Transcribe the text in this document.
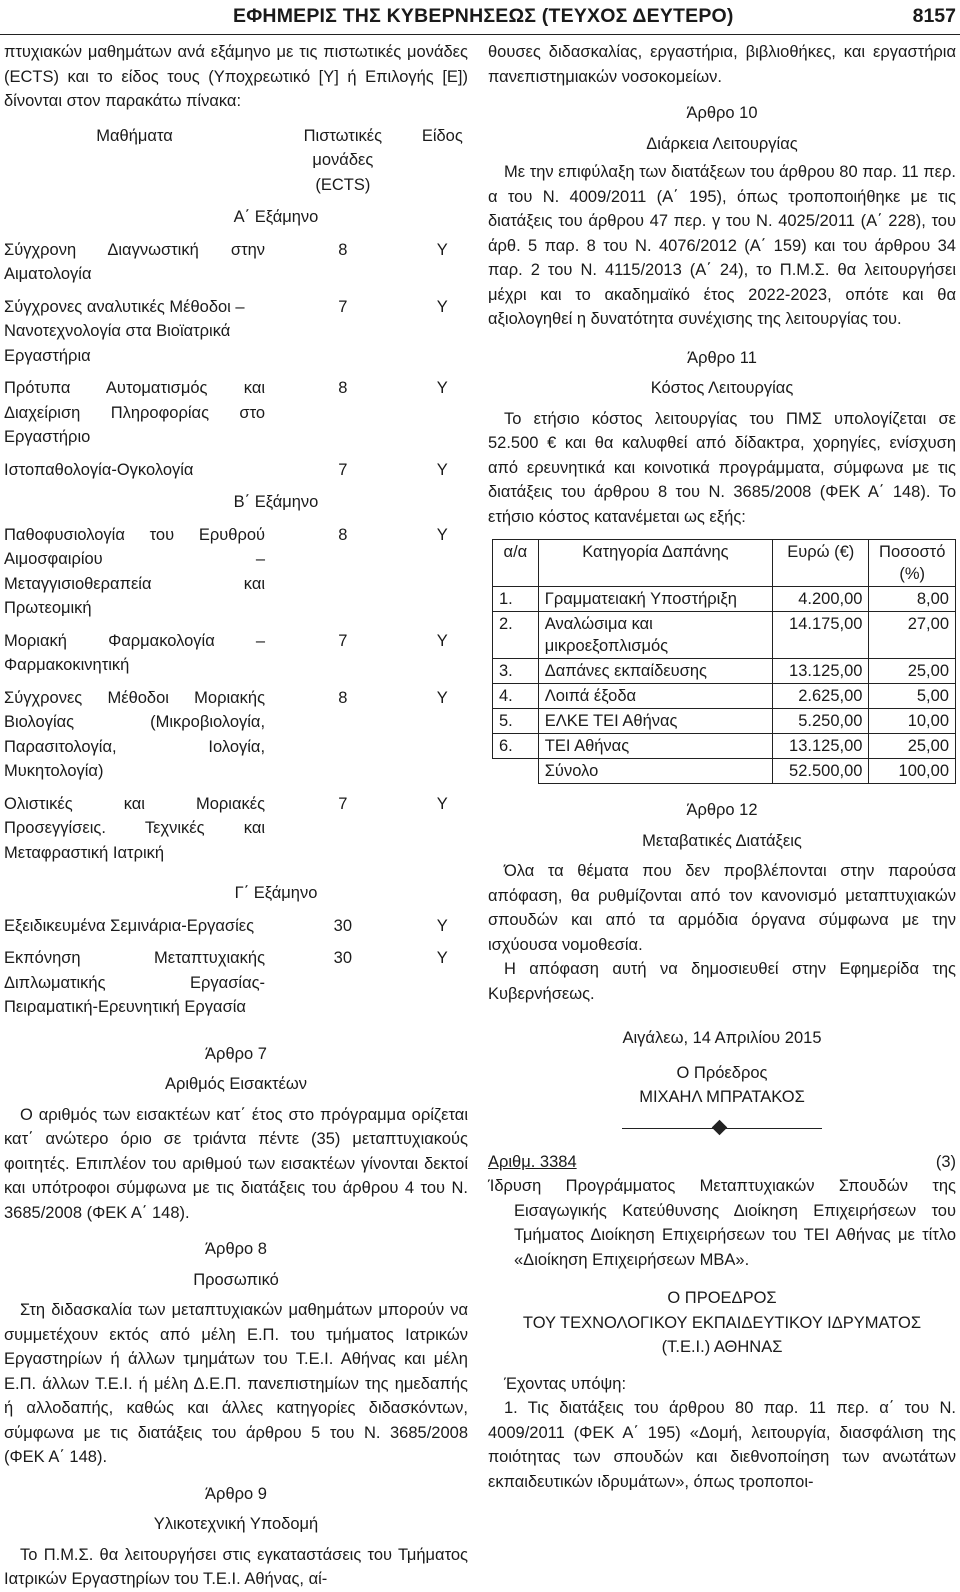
ΕΦΗΜΕΡΙΣ ΤΗΣ ΚΥΒΕΡΝΗΣΕΩΣ (ΤΕΥΧΟΣ ΔΕΥΤΕΡΟ)	8157

πτυχιακών μαθημάτων ανά εξάμηνο με τις πιστωτικές μονάδες (ECTS) και το είδος τους (Υποχρεωτικό [Υ] ή Επιλογής [Ε]) δίνονται στον παρακάτω πίνακα:

Μαθήματα	Πιστωτικές μονάδες (ECTS)	Είδος
Α΄ Εξάμηνο		
Σύγχρονη Διαγνωστική στην Αιματολογία	8	Υ
Σύγχρονες αναλυτικές Μέθοδοι – Νανοτεχνολογία στα Βιοϊατρικά Εργαστήρια	7	Υ
Πρότυπα Αυτοματισμός και Διαχείριση Πληροφορίας στο Εργαστήριο	8	Υ
Ιστοπαθολογία-Ογκολογία	7	Υ
Β΄ Εξάμηνο		
Παθοφυσιολογία του Ερυθρού Αιμοσφαιρίου – Μεταγγισιοθεραπεία και Πρωτεομική	8	Υ
Μοριακή Φαρμακολογία – Φαρμακοκινητική	7	Υ
Σύγχρονες Μέθοδοι Μοριακής Βιολογίας (Μικροβιολογία, Παρασιτολογία, Ιολογία, Μυκητολογία)	8	Υ
Ολιστικές και Μοριακές Προσεγγίσεις. Τεχνικές και Μεταφραστική Ιατρική	7	Υ
Γ΄ Εξάμηνο		
Εξειδικευμένα Σεμινάρια-Εργασίες	30	Υ
Εκπόνηση Μεταπτυχιακής Διπλωματικής Εργασίας-Πειραματική-Ερευνητική Εργασία	30	Υ

Άρθρο 7

Αριθμός Εισακτέων

Ο αριθμός των εισακτέων κατ΄ έτος στο πρόγραμμα ορίζεται κατ΄ ανώτερο όριο σε τριάντα πέντε (35) μεταπτυχιακούς φοιτητές. Επιπλέον του αριθμού των εισακτέων γίνονται δεκτοί και υπότροφοι σύμφωνα με τις διατάξεις του άρθρου 4 του Ν. 3685/2008 (ΦΕΚ Α΄ 148).

Άρθρο 8

Προσωπικό

Στη διδασκαλία των μεταπτυχιακών μαθημάτων μπορούν να συμμετέχουν εκτός από μέλη Ε.Π. του τμήματος Ιατρικών Εργαστηρίων ή άλλων τμημάτων του Τ.Ε.Ι. Αθήνας και μέλη Ε.Π. άλλων Τ.Ε.Ι. ή μέλη Δ.Ε.Π. πανεπιστημίων της ημεδαπής ή αλλοδαπής, καθώς και άλλες κατηγορίες διδασκόντων, σύμφωνα με τις διατάξεις του άρθρου 5 του Ν. 3685/2008 (ΦΕΚ Α΄ 148).

Άρθρο 9

Υλικοτεχνική Υποδομή

Το Π.Μ.Σ. θα λειτουργήσει στις εγκαταστάσεις του Τμήματος Ιατρικών Εργαστηρίων του Τ.Ε.Ι. Αθήνας, αί-

θουσες διδασκαλίας, εργαστήρια, βιβλιοθήκες, και εργαστήρια πανεπιστημιακών νοσοκομείων.

Άρθρο 10

Διάρκεια Λειτουργίας

Με την επιφύλαξη των διατάξεων του άρθρου 80 παρ. 11 περ. α του Ν. 4009/2011 (Α΄ 195), όπως τροποποιήθηκε με τις διατάξεις του άρθρου 47 περ. γ του Ν. 4025/2011 (Α΄ 228), του άρθ. 5 παρ. 8 του Ν. 4076/2012 (Α΄ 159) και του άρθρου 34 παρ. 2 του Ν. 4115/2013 (Α΄ 24), το Π.Μ.Σ. θα λειτουργήσει μέχρι και το ακαδημαϊκό έτος 2022-2023, οπότε και θα αξιολογηθεί η δυνατότητα συνέχισης της λειτουργίας του.

Άρθρο 11

Κόστος Λειτουργίας

Το ετήσιο κόστος λειτουργίας του ΠΜΣ υπολογίζεται σε 52.500 € και θα καλυφθεί από δίδακτρα, χορηγίες, ενίσχυση από ερευνητικά και κοινοτικά προγράμματα, σύμφωνα με τις διατάξεις του άρθρου 8 του Ν. 3685/2008 (ΦΕΚ Α΄ 148). Το ετήσιο κόστος κατανέμεται ως εξής:

α/α	Κατηγορία Δαπάνης	Ευρώ (€)	Ποσοστό (%)
1.	Γραμματειακή Υποστήριξη	4.200,00	8,00
2.	Αναλώσιμα και μικροεξοπλισμός	14.175,00	27,00
3.	Δαπάνες εκπαίδευσης	13.125,00	25,00
4.	Λοιπά έξοδα	2.625,00	5,00
5.	ΕΛΚΕ ΤΕΙ Αθήνας	5.250,00	10,00
6.	ΤΕΙ Αθήνας	13.125,00	25,00
	Σύνολο	52.500,00	100,00

Άρθρο 12

Μεταβατικές Διατάξεις

Όλα τα θέματα που δεν προβλέπονται στην παρούσα απόφαση, θα ρυθμίζονται από τον κανονισμό μεταπτυχιακών σπουδών και από τα αρμόδια όργανα σύμφωνα με την ισχύουσα νομοθεσία.

Η απόφαση αυτή να δημοσιευθεί στην Εφημερίδα της Κυβερνήσεως.

Αιγάλεω, 14 Απριλίου 2015

Ο Πρόεδρος

ΜΙΧΑΗΛ ΜΠΡΑΤΑΚΟΣ

Αριθμ. 3384	(3)

Ίδρυση Προγράμματος Μεταπτυχιακών Σπουδών της Εισαγωγικής Κατεύθυνσης Διοίκηση Επιχειρήσεων του Τμήματος Διοίκηση Επιχειρήσεων του ΤΕΙ Αθήνας με τίτλο «Διοίκηση Επιχειρήσεων MBA».

Ο ΠΡΟΕΔΡΟΣ

ΤΟΥ ΤΕΧΝΟΛΟΓΙΚΟΥ ΕΚΠΑΙΔΕΥΤΙΚΟΥ ΙΔΡΥΜΑΤΟΣ

(Τ.Ε.Ι.) ΑΘΗΝΑΣ

Έχοντας υπόψη:

1. Τις διατάξεις του άρθρου 80 παρ. 11 περ. α΄ του Ν. 4009/2011 (ΦΕΚ Α΄ 195) «Δομή, λειτουργία, διασφάλιση της ποιότητας των σπουδών και διεθνοποίηση των ανωτάτων εκπαιδευτικών ιδρυμάτων», όπως τροποποι-
